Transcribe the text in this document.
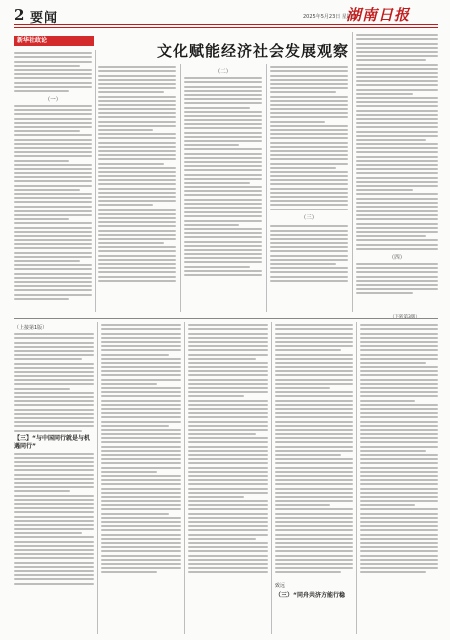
2 要闻	2025年5月23日 星期五
湖南日报
新华社政论
文化赋能经济社会发展观察
（一）
（二）
（四）
（下转第3版）
（上接第1版）
【三】“与中国同行就是与机遇同行”
致远
（三）“同舟共济方能行稳
（三）
